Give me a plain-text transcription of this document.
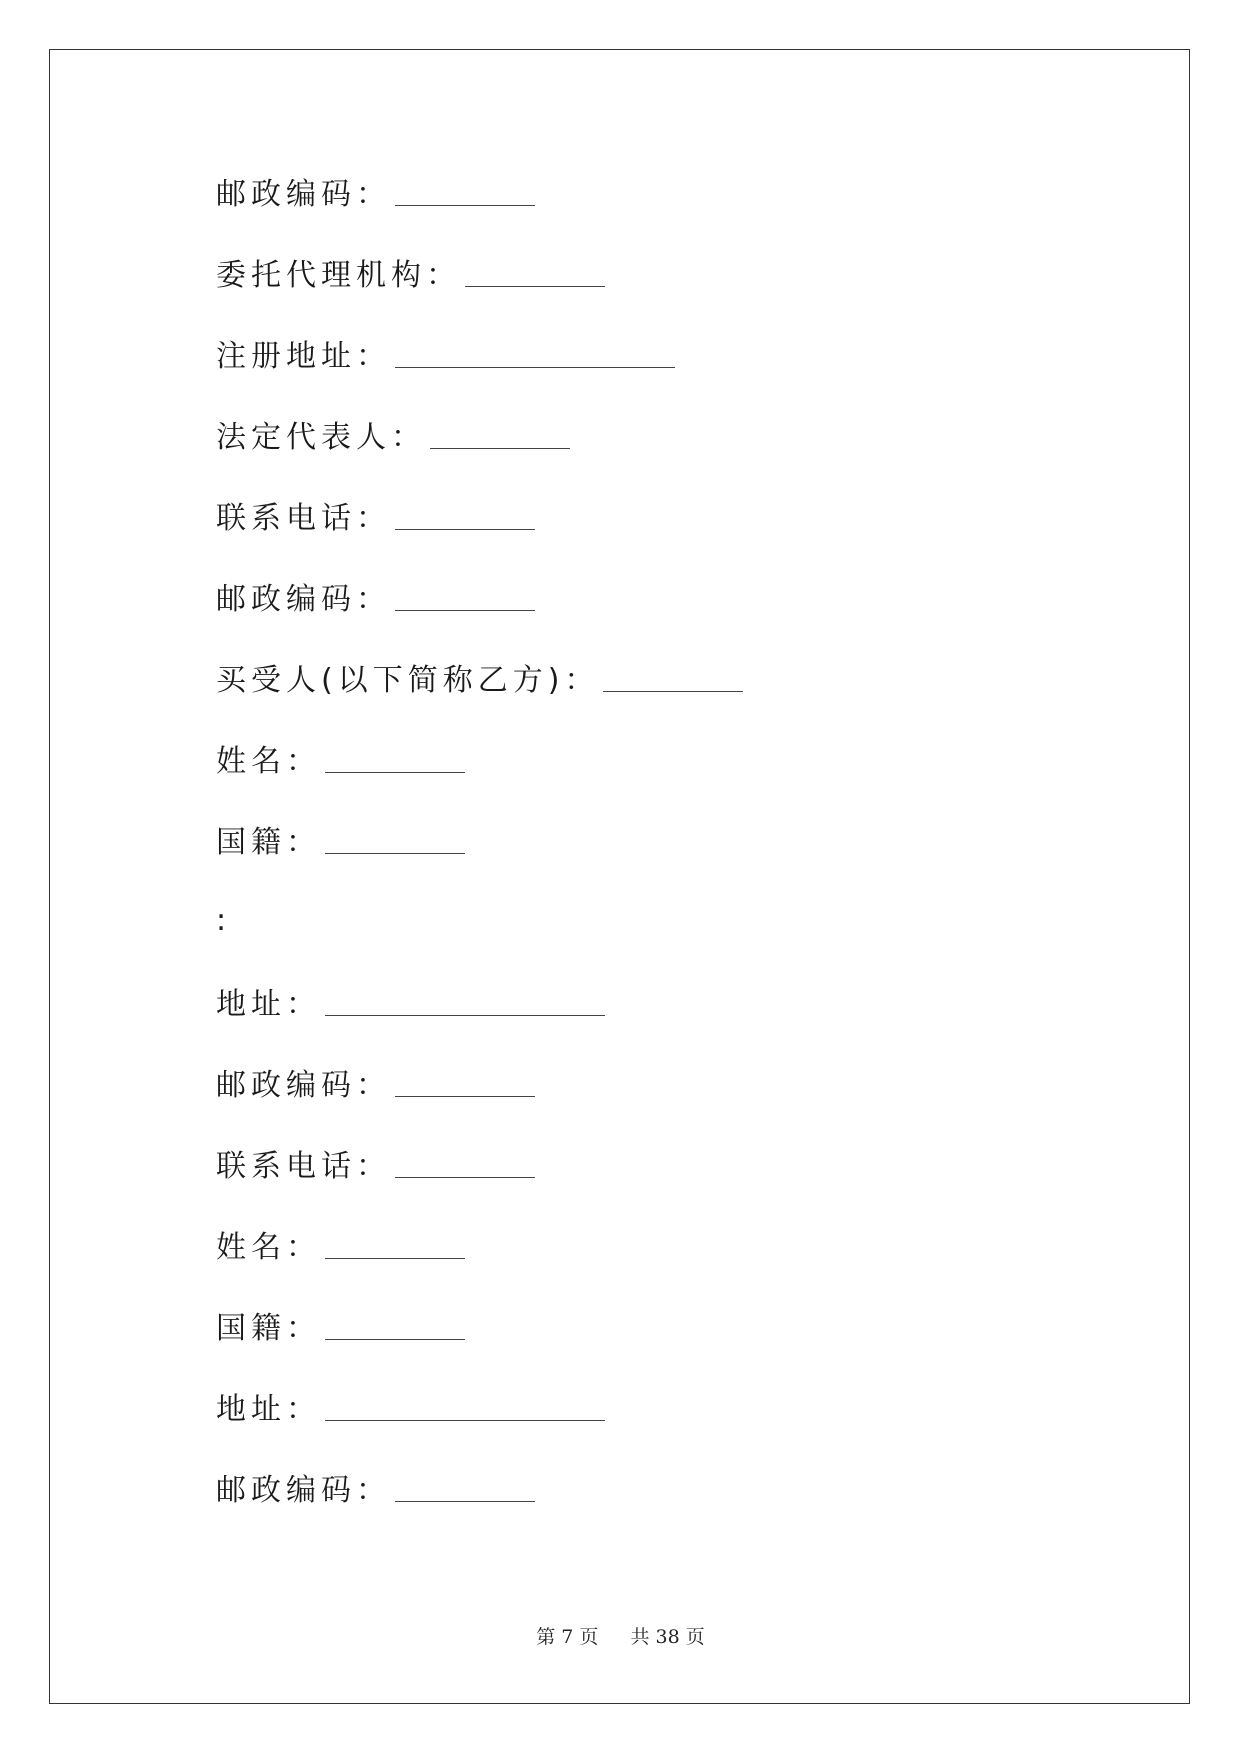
邮政编码：
委托代理机构：
注册地址：
法定代表人：
联系电话：
邮政编码：
买受人(以下简称乙方)：
姓名：
国籍：
:
地址：
邮政编码：
联系电话：
姓名：
国籍：
地址：
邮政编码：
第 7 页 共 38 页
